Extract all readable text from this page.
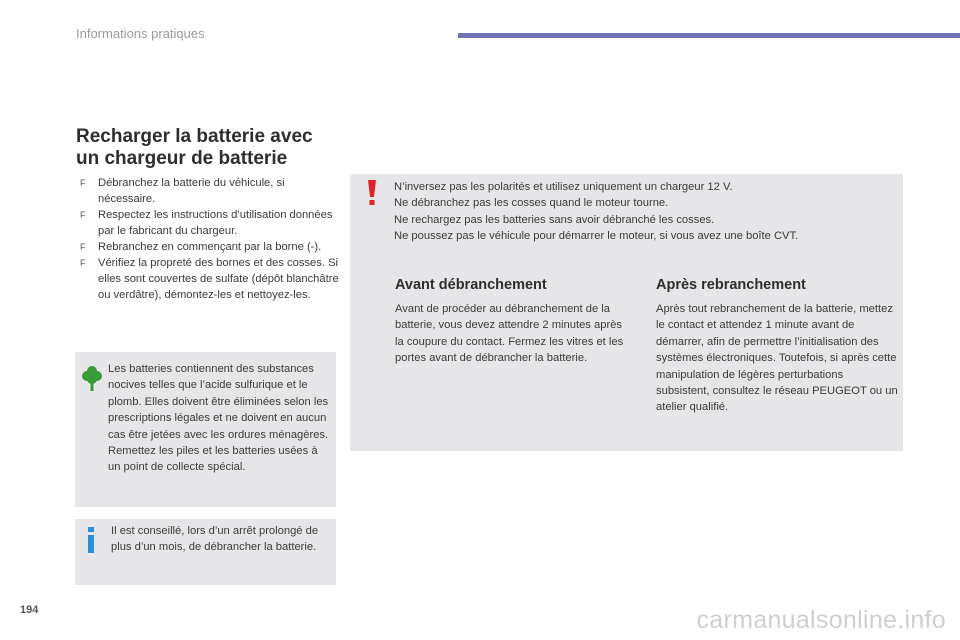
Informations pratiques
Recharger la batterie avec
un chargeur de batterie
F Débranchez la batterie du véhicule, si nécessaire.
F Respectez les instructions d’utilisation données par le fabricant du chargeur.
F Rebranchez en commençant par la borne (-).
F Vérifiez la propreté des bornes et des cosses. Si elles sont couvertes de sulfate (dépôt blanchâtre ou verdâtre), démontez-les et nettoyez-les.
Les batteries contiennent des substances nocives telles que l’acide sulfurique et le plomb. Elles doivent être éliminées selon les prescriptions légales et ne doivent en aucun cas être jetées avec les ordures ménagères. Remettez les piles et les batteries usées à un point de collecte spécial.
Il est conseillé, lors d’un arrêt prolongé de plus d’un mois, de débrancher la batterie.
N’inversez pas les polarités et utilisez uniquement un chargeur 12 V.
Ne débranchez pas les cosses quand le moteur tourne.
Ne rechargez pas les batteries sans avoir débranché les cosses.
Ne poussez pas le véhicule pour démarrer le moteur, si vous avez une boîte CVT.
Avant débranchement
Avant de procéder au débranchement de la batterie, vous devez attendre 2 minutes après la coupure du contact. Fermez les vitres et les portes avant de débrancher la batterie.
Après rebranchement
Après tout rebranchement de la batterie, mettez le contact et attendez 1 minute avant de démarrer, afin de permettre l’initialisation des systèmes électroniques. Toutefois, si après cette manipulation de légères perturbations subsistent, consultez le réseau PEUGEOT ou un atelier qualifié.
194	carmanualsonline.info
